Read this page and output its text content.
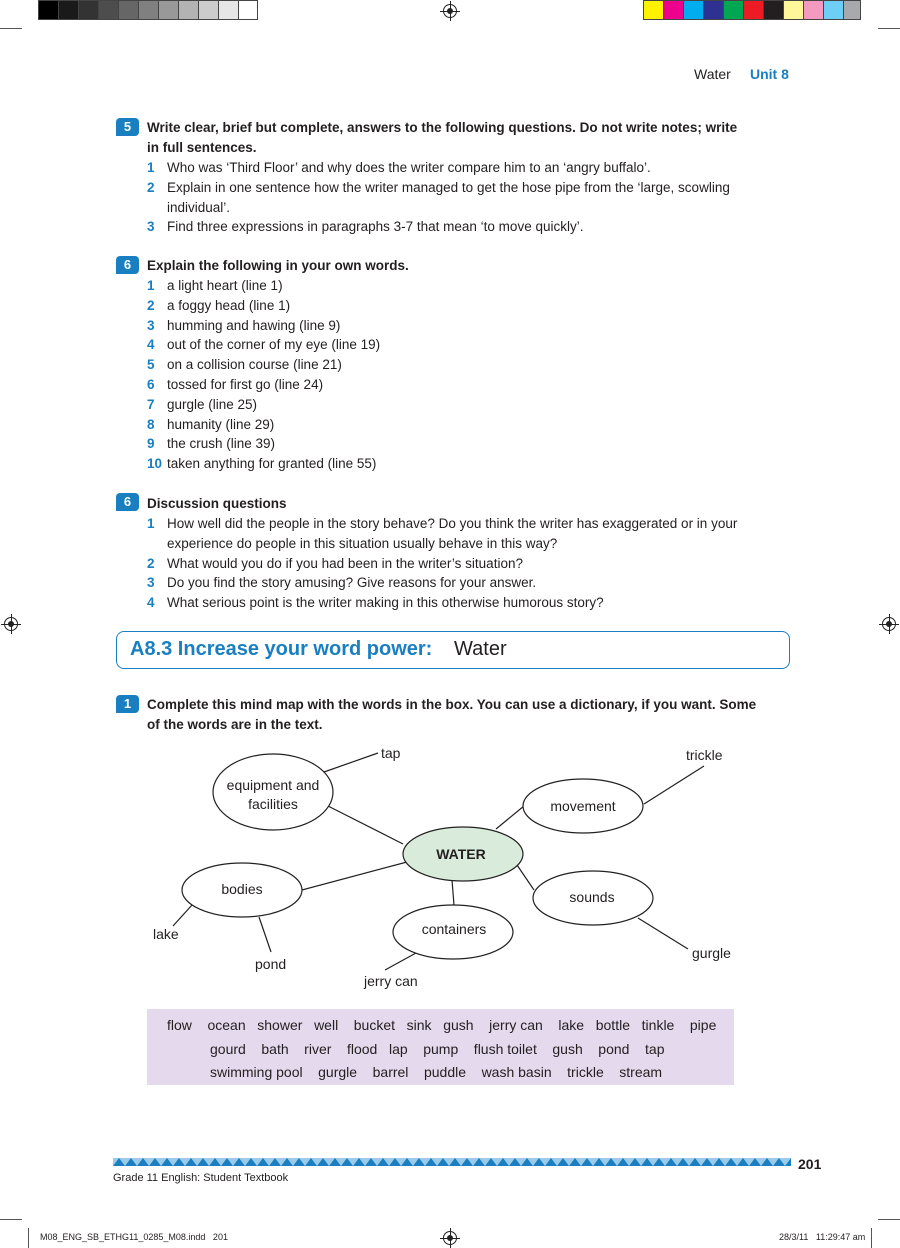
Water Unit 8
5	Write clear, brief but complete, answers to the following questions. Do not write notes; write in full sentences.
1 Who was ‘Third Floor’ and why does the writer compare him to an ‘angry buffalo’.
2 Explain in one sentence how the writer managed to get the hose pipe from the ‘large, scowling individual’.
3 Find three expressions in paragraphs 3-7 that mean ‘to move quickly’.
6	Explain the following in your own words.
1 a light heart (line 1)
2 a foggy head (line 1)
3 humming and hawing (line 9)
4 out of the corner of my eye (line 19)
5 on a collision course (line 21)
6 tossed for first go (line 24)
7 gurgle (line 25)
8 humanity (line 29)
9 the crush (line 39)
10 taken anything for granted (line 55)
6	Discussion questions
1 How well did the people in the story behave? Do you think the writer has exaggerated or in your experience do people in this situation usually behave in this way?
2 What would you do if you had been in the writer’s situation?
3 Do you find the story amusing? Give reasons for your answer.
4 What serious point is the writer making in this otherwise humorous story?
A8.3 Increase your word power: Water
1	Complete this mind map with the words in the box. You can use a dictionary, if you want. Some of the words are in the text.
WATER
equipment and
facilities	movement
bodies
containers
sounds
tap	trickle
lake
pond
jerry can
gurgle
flow    ocean   shower   well    bucket   sink   gush    jerry can    lake   bottle   tinkle    pipe
gourd    bath    river    flood   lap    pump    flush toilet    gush    pond    tap
swimming pool    gurgle    barrel    puddle    wash basin    trickle    stream
201
Grade 11 English: Student Textbook
M08_ENG_SB_ETHG11_0285_M08.indd   201	28/3/11   11:29:47 am
